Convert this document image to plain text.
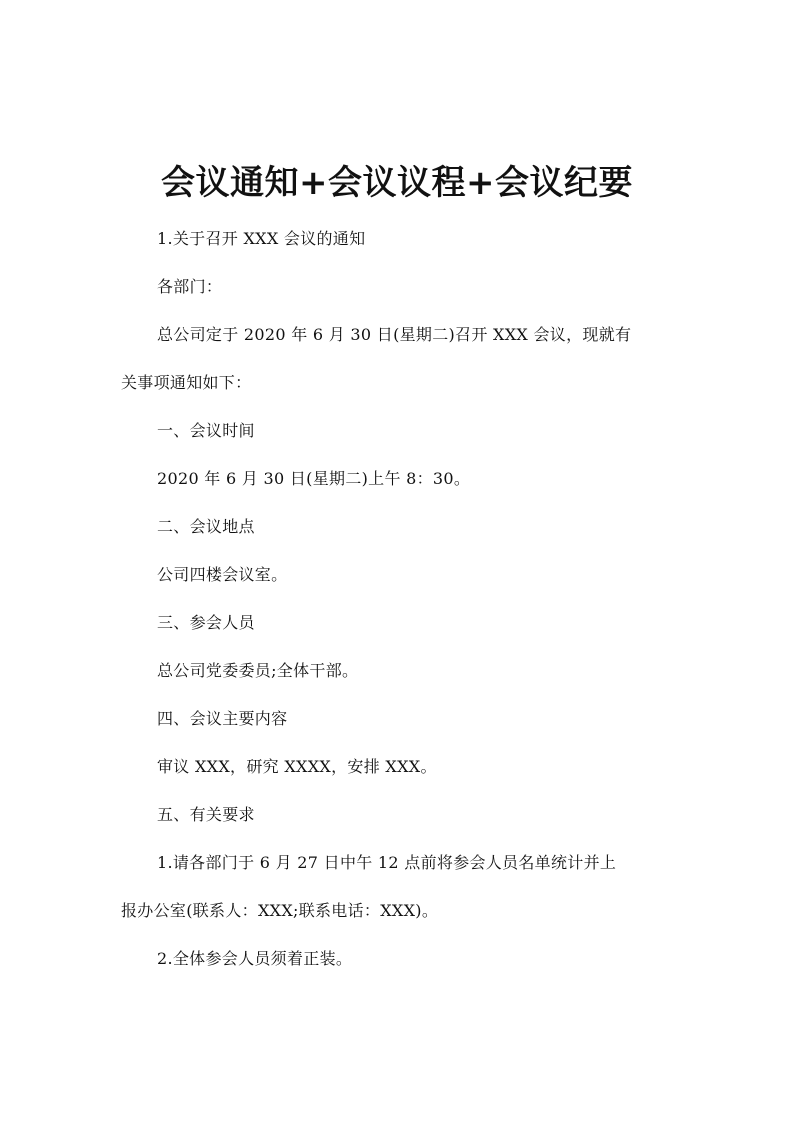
会议通知+会议议程+会议纪要
1.关于召开 XXX 会议的通知
各部门：
总公司定于 2020 年 6 月 30 日(星期二)召开 XXX 会议，现就有
关事项通知如下：
一、会议时间
2020 年 6 月 30 日(星期二)上午 8：30。
二、会议地点
公司四楼会议室。
三、参会人员
总公司党委委员;全体干部。
四、会议主要内容
审议 XXX，研究 XXXX，安排 XXX。
五、有关要求
1.请各部门于 6 月 27 日中午 12 点前将参会人员名单统计并上
报办公室(联系人：XXX;联系电话：XXX)。
2.全体参会人员须着正装。
